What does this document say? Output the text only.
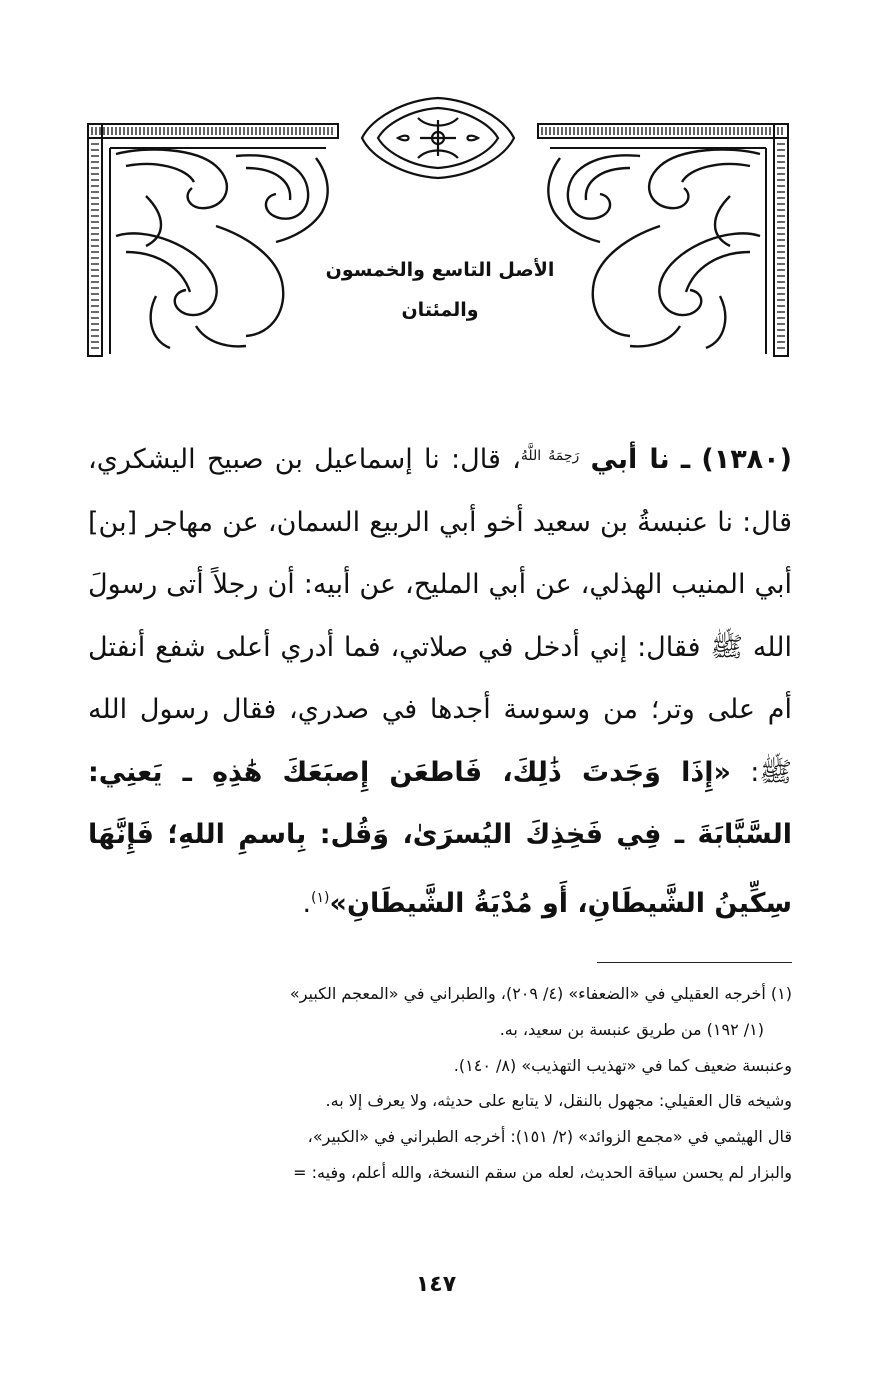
الأصل التاسع والخمسون والمئتان
(١٣٨٠) ـ نا أبي $^{رَحِمَهُ اللَّهُ}$، قال: نا إسماعيل بن صبيح اليشكري، قال: نا عنبسةُ بن سعيد أخو أبي الربيع السمان، عن مهاجر [بن] أبي المنيب الهذلي، عن أبي المليح، عن أبيه: أن رجلاً أتى رسولَ الله ﷺ فقال: إني أدخل في صلاتي، فما أدري أعلى شفع أنفتل أم على وتر؛ من وسوسة أجدها في صدري، فقال رسول الله ﷺ: «إِذَا وَجَدتَ ذَٰلِكَ، فَاطعَن إِصبَعَكَ هَٰذِهِ ـ يَعنِي: السَّبَّابَةَ ـ فِي فَخِذِكَ اليُسرَىٰ، وَقُل: بِاسمِ اللهِ؛ فَإِنَّهَا سِكِّينُ الشَّيطَانِ، أَو مُدْيَةُ الشَّيطَانِ»$^{(١)}$.
(١) أخرجه العقيلي في «الضعفاء» (٤/ ٢٠٩)، والطبراني في «المعجم الكبير»
(١/ ١٩٢) من طريق عنبسة بن سعيد، به.
وعنبسة ضعيف كما في «تهذيب التهذيب» (٨/ ١٤٠).
وشيخه قال العقيلي: مجهول بالنقل، لا يتابع على حديثه، ولا يعرف إلا به.
قال الهيثمي في «مجمع الزوائد» (٢/ ١٥١): أخرجه الطبراني في «الكبير»،
والبزار لم يحسن سياقة الحديث، لعله من سقم النسخة، والله أعلم، وفيه: =
١٤٧
